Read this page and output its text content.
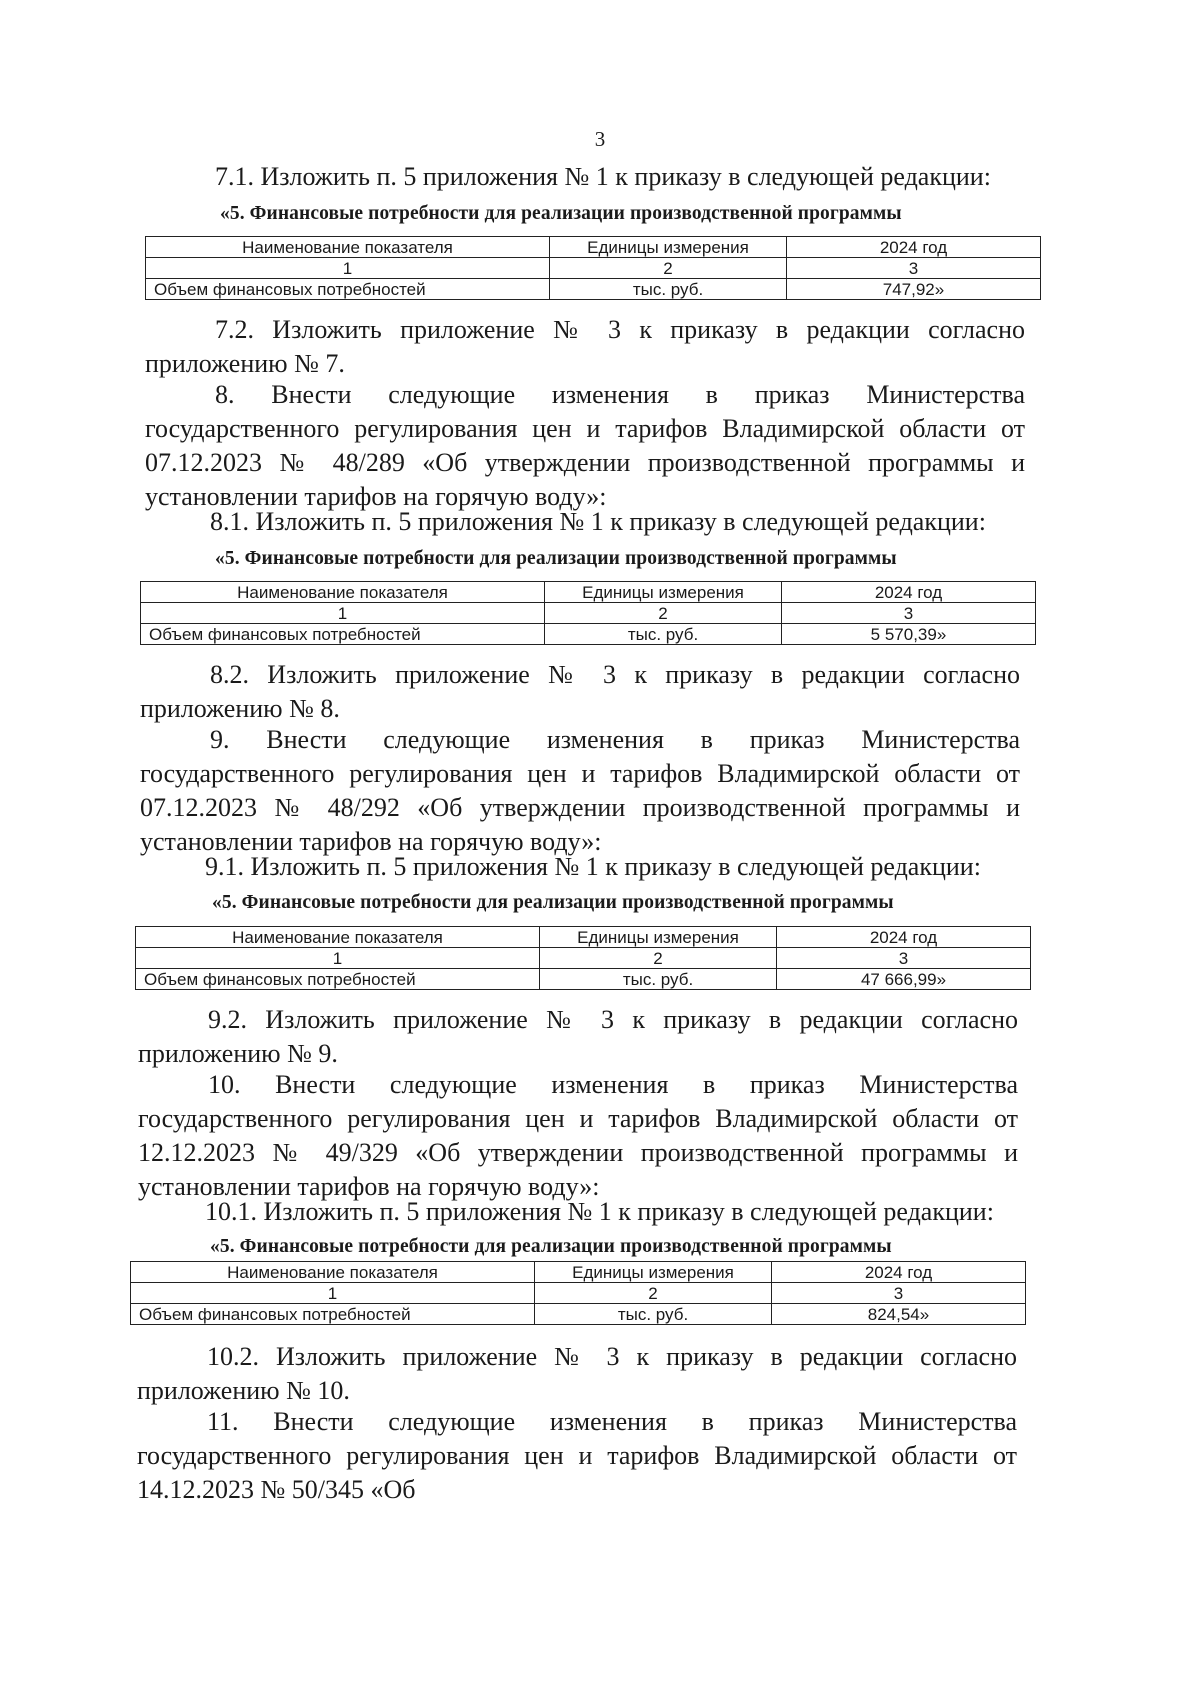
3
7.1. Изложить п. 5 приложения № 1 к приказу в следующей редакции:
«5. Финансовые потребности для реализации производственной программы
Наименование показателя	Единицы измерения	2024 год
1	2	3
Объем финансовых потребностей	тыс. руб.	747,92»
7.2. Изложить приложение № 3 к приказу в редакции согласно приложению № 7.
8. Внести следующие изменения в приказ Министерства государственного регулирования цен и тарифов Владимирской области от 07.12.2023 № 48/289 «Об утверждении производственной программы и установлении тарифов на горячую воду»:
8.1. Изложить п. 5 приложения № 1 к приказу в следующей редакции:
«5. Финансовые потребности для реализации производственной программы
Наименование показателя	Единицы измерения	2024 год
1	2	3
Объем финансовых потребностей	тыс. руб.	5 570,39»
8.2. Изложить приложение № 3 к приказу в редакции согласно приложению № 8.
9. Внести следующие изменения в приказ Министерства государственного регулирования цен и тарифов Владимирской области от 07.12.2023 № 48/292 «Об утверждении производственной программы и установлении тарифов на горячую воду»:
9.1. Изложить п. 5 приложения № 1 к приказу в следующей редакции:
«5. Финансовые потребности для реализации производственной программы
Наименование показателя	Единицы измерения	2024 год
1	2	3
Объем финансовых потребностей	тыс. руб.	47 666,99»
9.2. Изложить приложение № 3 к приказу в редакции согласно приложению № 9.
10. Внести следующие изменения в приказ Министерства государственного регулирования цен и тарифов Владимирской области от 12.12.2023 № 49/329 «Об утверждении производственной программы и установлении тарифов на горячую воду»:
10.1. Изложить п. 5 приложения № 1 к приказу в следующей редакции:
«5. Финансовые потребности для реализации производственной программы
Наименование показателя	Единицы измерения	2024 год
1	2	3
Объем финансовых потребностей	тыс. руб.	824,54»
10.2. Изложить приложение № 3 к приказу в редакции согласно приложению № 10.
11. Внести следующие изменения в приказ Министерства государственного регулирования цен и тарифов Владимирской области от 14.12.2023 № 50/345 «Об
